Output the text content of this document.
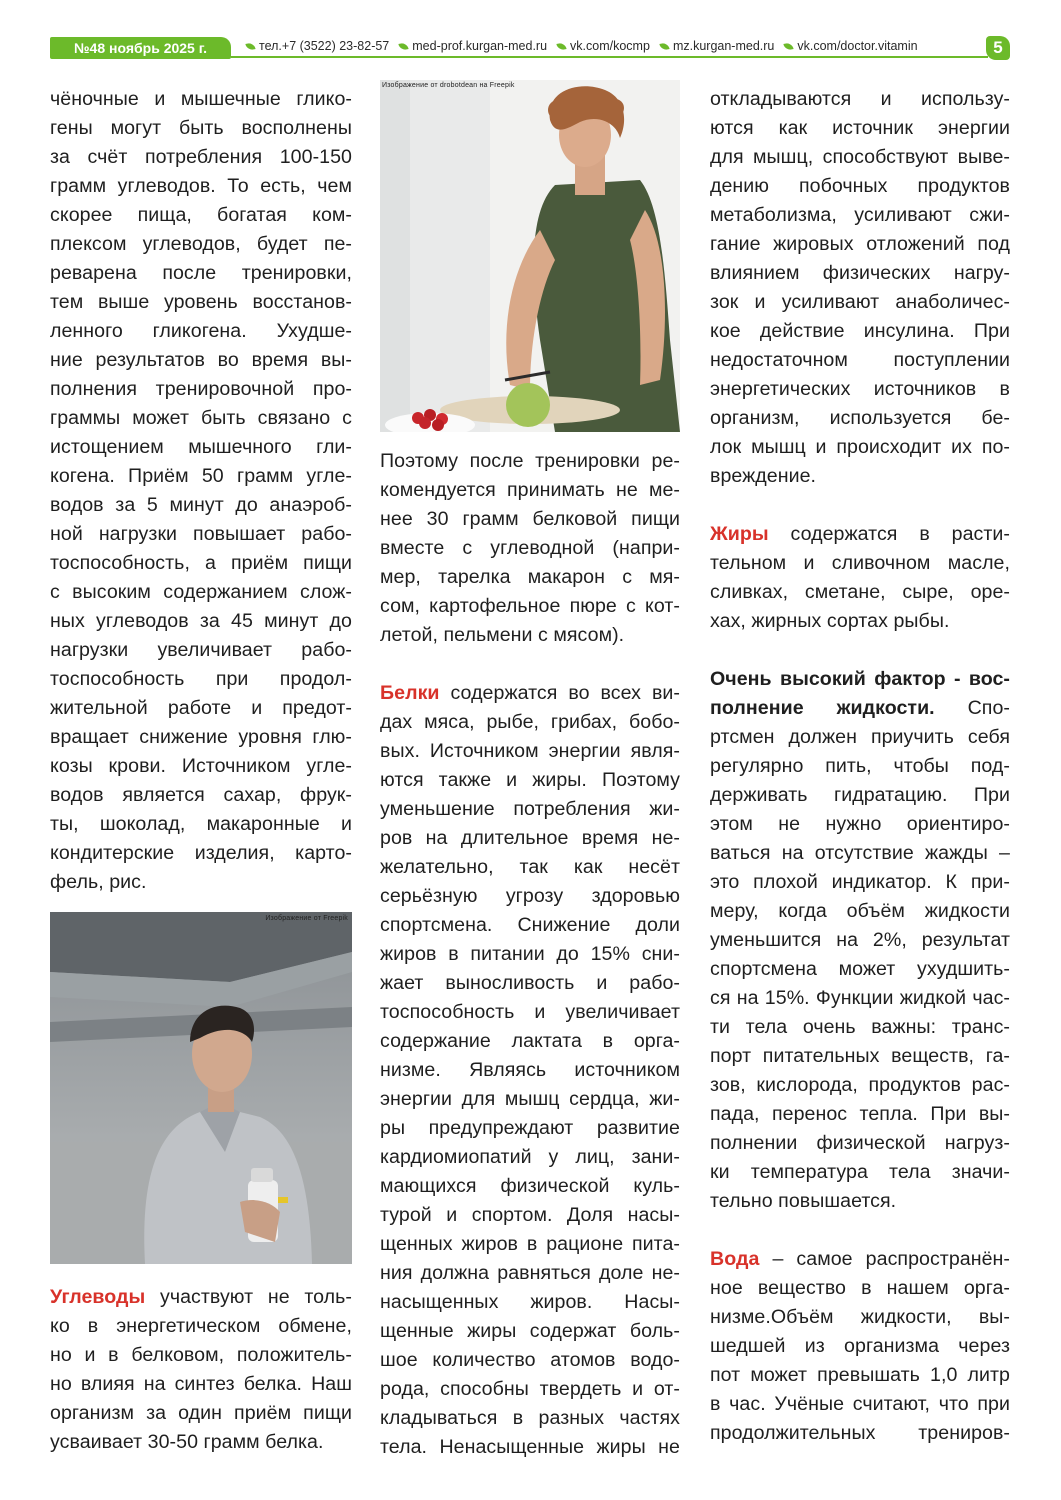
№48 ноябрь 2025 г.	тел.+7 (3522) 23-82-57 med-prof.kurgan-med.ru vk.com/kocmp mz.kurgan-med.ru vk.com/doctor.vitamin	5
чёночные и мышечные глико-
гены могут быть восполнены
за счёт потребления 100-150
грамм углеводов. То есть, чем
скорее пища, богатая ком-
плексом углеводов, будет пе-
реварена после тренировки,
тем выше уровень восстанов-
ленного гликогена. Ухудше-
ние результатов во время вы-
полнения тренировочной про-
граммы может быть связано с
истощением мышечного гли-
когена. Приём 50 грамм угле-
водов за 5 минут до анаэроб-
ной нагрузки повышает рабо-
тоспособность, а приём пищи
с высоким содержанием слож-
ных углеводов за 45 минут до
нагрузки увеличивает рабо-
тоспособность при продол-
жительной работе и предот-
вращает снижение уровня глю-
козы крови. Источником угле-
водов является сахар, фрук-
ты, шоколад, макаронные и
кондитерские изделия, карто-
фель, рис.
Изображение от Freepik
Углеводы участвуют не толь-
ко в энергетическом обмене,
но и в белковом, положитель-
но влияя на синтез белка. Наш
организм за один приём пищи
усваивает 30-50 грамм белка.
Изображение от drobotdean на Freepik
Поэтому после тренировки ре-
комендуется принимать не ме-
нее 30 грамм белковой пищи
вместе с углеводной (напри-
мер, тарелка макарон с мя-
сом, картофельное пюре с кот-
летой, пельмени с мясом).
Белки содержатся во всех ви-
дах мяса, рыбе, грибах, бобо-
вых. Источником энергии явля-
ются также и жиры. Поэтому
уменьшение потребления жи-
ров на длительное время не-
желательно, так как несёт
серьёзную угрозу здоровью
спортсмена. Снижение доли
жиров в питании до 15% сни-
жает выносливость и рабо-
тоспособность и увеличивает
содержание лактата в орга-
низме. Являясь источником
энергии для мышц сердца, жи-
ры предупреждают развитие
кардиомиопатий у лиц, зани-
мающихся физической куль-
турой и спортом. Доля насы-
щенных жиров в рационе пита-
ния должна равняться доле не-
насыщенных жиров. Насы-
щенные жиры содержат боль-
шое количество атомов водо-
рода, способны твердеть и от-
кладываться в разных частях
тела. Ненасыщенные жиры не
откладываются и использу-
ются как источник энергии
для мышц, способствуют выве-
дению побочных продуктов
метаболизма, усиливают сжи-
гание жировых отложений под
влиянием физических нагру-
зок и усиливают анаболичес-
кое действие инсулина. При
недостаточном поступлении
энергетических источников в
организм, используется бе-
лок мышц и происходит их по-
вреждение.
Жиры содержатся в расти-
тельном и сливочном масле,
сливках, сметане, сыре, оре-
хах, жирных сортах рыбы.
Очень высокий фактор - вос-
полнение жидкости. Спо-
ртсмен должен приучить себя
регулярно пить, чтобы под-
держивать гидратацию. При
этом не нужно ориентиро-
ваться на отсутствие жажды –
это плохой индикатор. К при-
меру, когда объём жидкости
уменьшится на 2%, результат
спортсмена может ухудшить-
ся на 15%. Функции жидкой час-
ти тела очень важны: транс-
порт питательных веществ, га-
зов, кислорода, продуктов рас-
пада, перенос тепла. При вы-
полнении физической нагруз-
ки температура тела значи-
тельно повышается.
Вода – самое распространён-
ное вещество в нашем орга-
низме.Объём жидкости, вы-
шедшей из организма через
пот может превышать 1,0 литр
в час. Учёные считают, что при
продолжительных трениров-
